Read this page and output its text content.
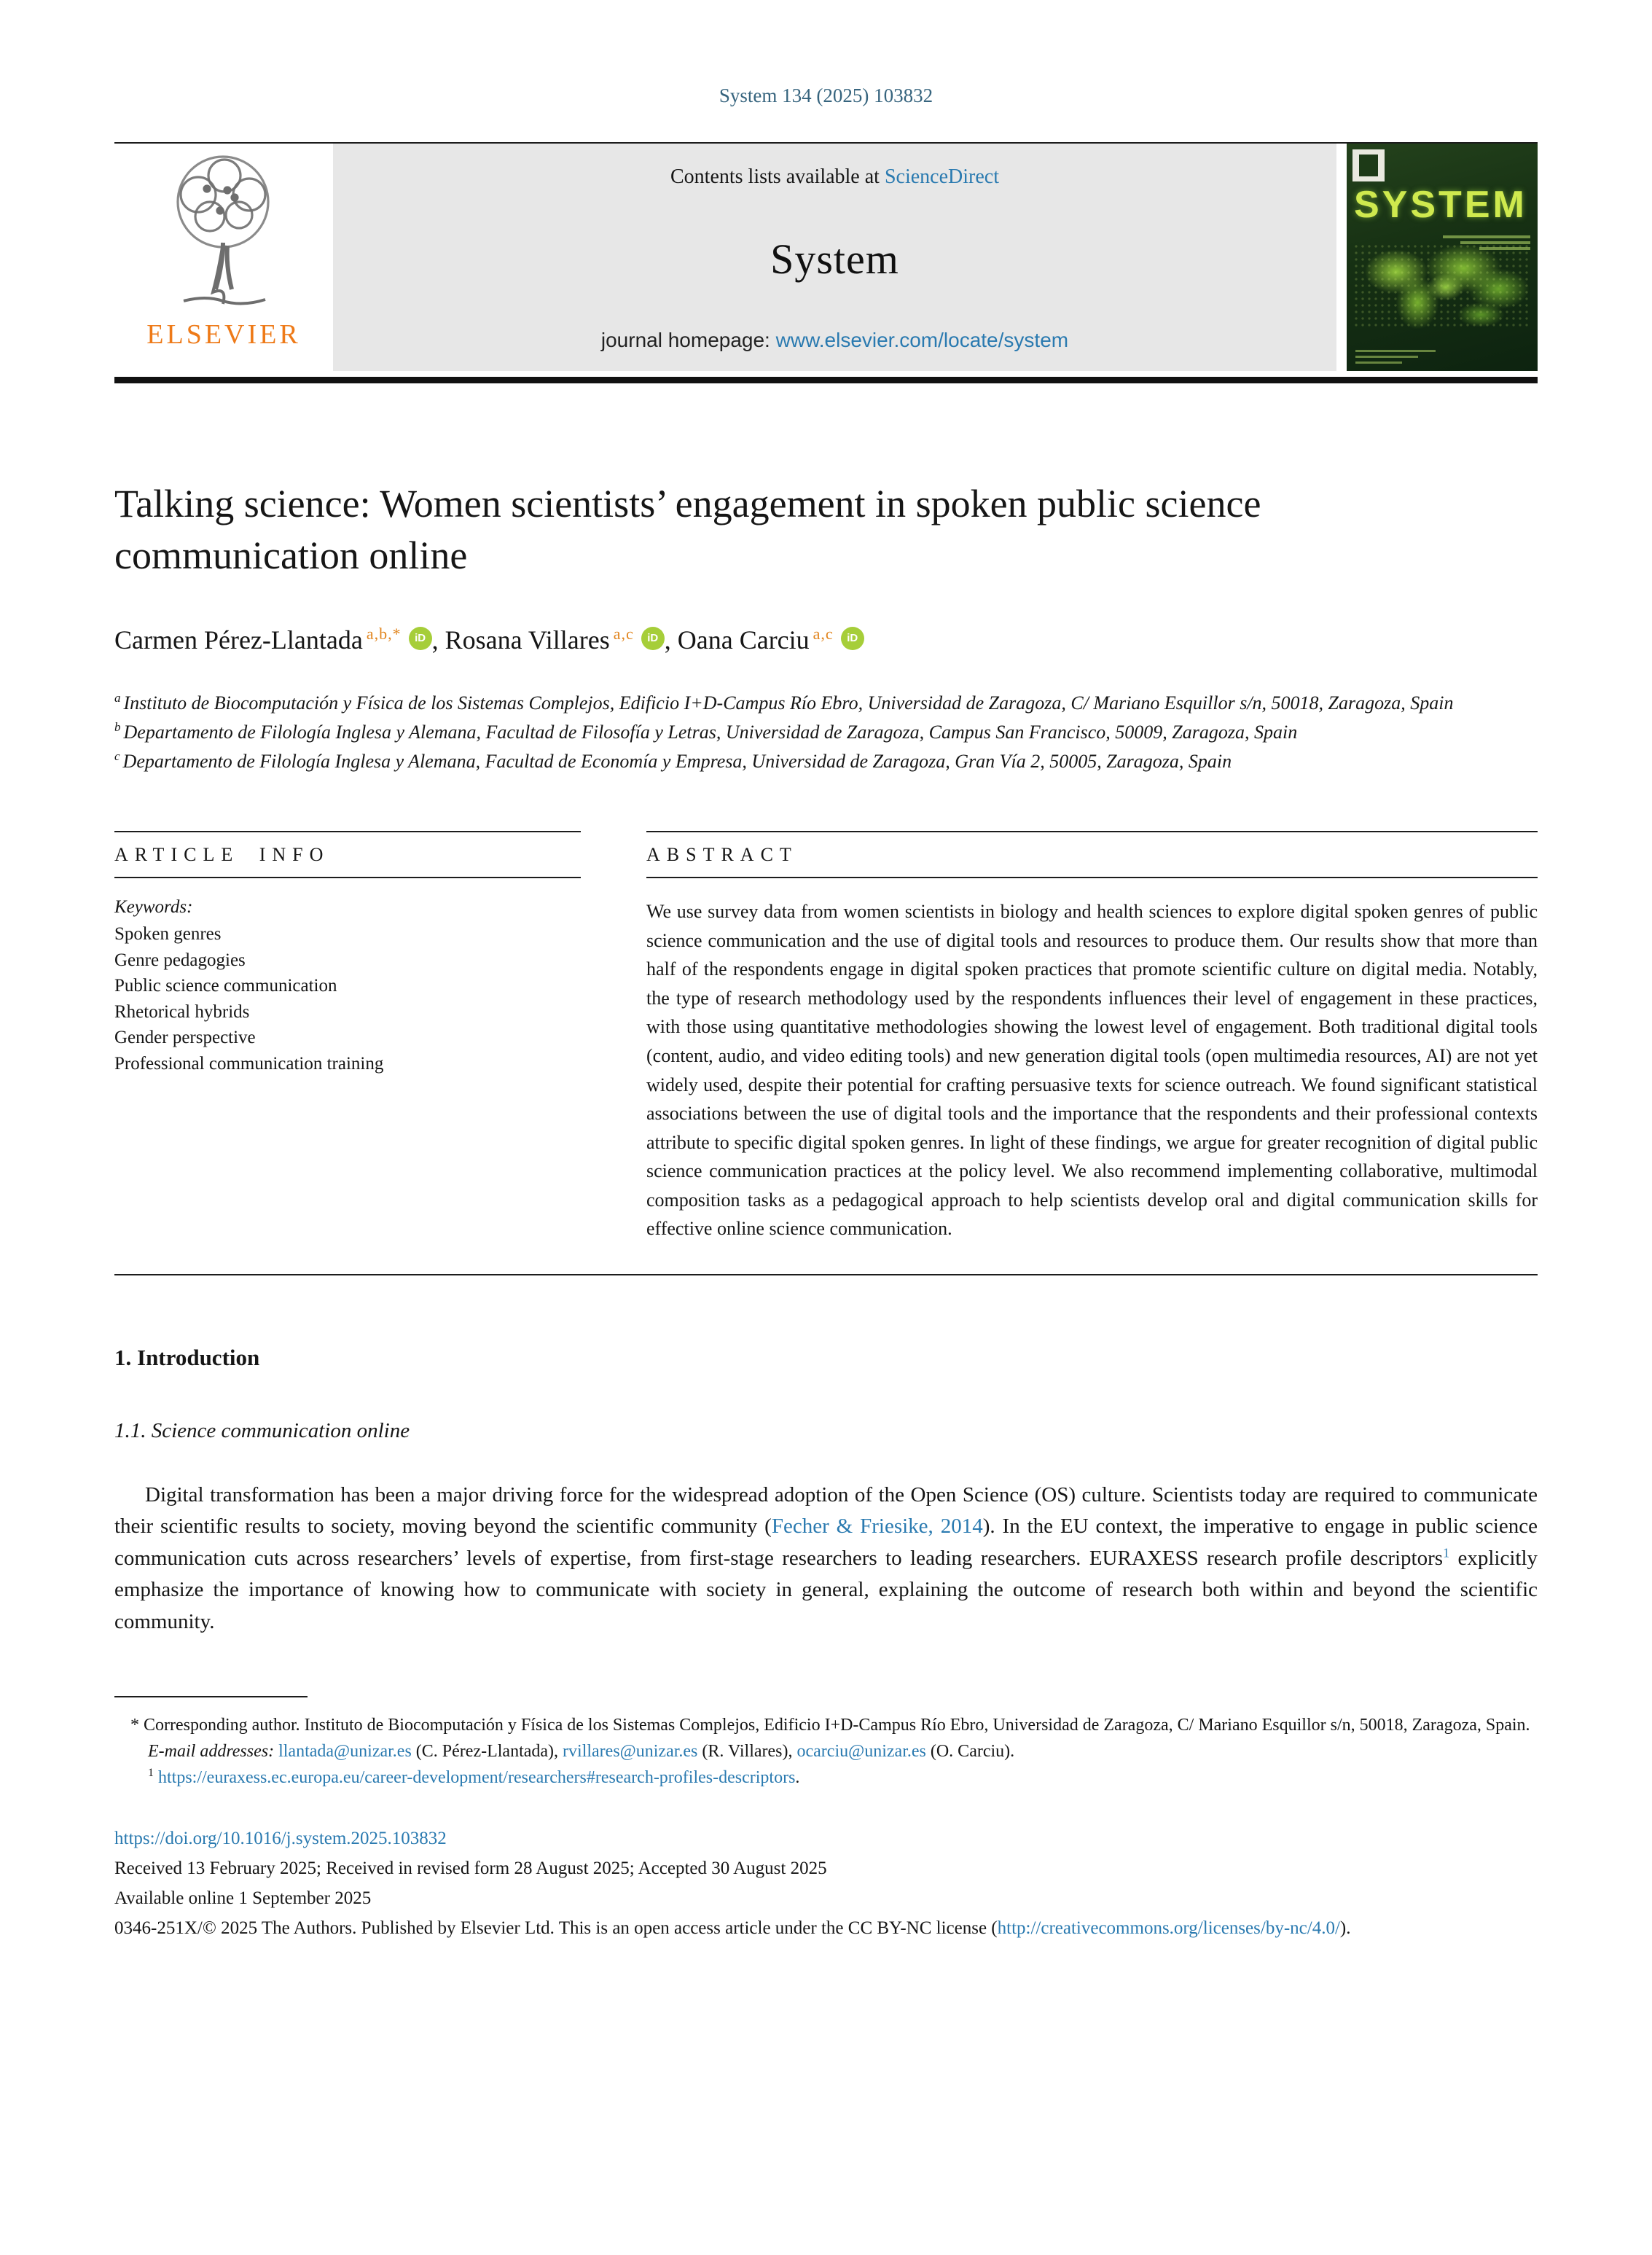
System 134 (2025) 103832
ELSEVIER
Contents lists available at ScienceDirect
System
journal homepage: www.elsevier.com/locate/system
SYSTEM
Talking science: Women scientists’ engagement in spoken public science communication online
Carmen Pérez-Llantada $^{a,b,*}$ iD , Rosana Villares $^{a,c}$ iD , Oana Carciu $^{a,c}$iD

$^a$ Instituto de Biocomputación y Física de los Sistemas Complejos, Edificio I+D-Campus Río Ebro, Universidad de Zaragoza, C/ Mariano Esquillor s/n, 50018, Zaragoza, Spain

$^b$ Departamento de Filología Inglesa y Alemana, Facultad de Filosofía y Letras, Universidad de Zaragoza, Campus San Francisco, 50009, Zaragoza, Spain

$^c$ Departamento de Filología Inglesa y Alemana, Facultad de Economía y Empresa, Universidad de Zaragoza, Gran Vía 2, 50005, Zaragoza, Spain

ARTICLE INFO
Keywords:
Spoken genres
Genre pedagogies
Public science communication
Rhetorical hybrids
Gender perspective
Professional communication training
ABSTRACT

We use survey data from women scientists in biology and health sciences to explore digital spoken genres of public science communication and the use of digital tools and resources to produce them. Our results show that more than half of the respondents engage in digital spoken practices that promote scientific culture on digital media. Notably, the type of research methodology used by the respondents influences their level of engagement in these practices, with those using quantitative methodologies showing the lowest level of engagement. Both traditional digital tools (content, audio, and video editing tools) and new generation digital tools (open multimedia resources, AI) are not yet widely used, despite their potential for crafting persuasive texts for science outreach. We found significant statistical associations between the use of digital tools and the importance that the respondents and their professional contexts attribute to specific digital spoken genres. In light of these findings, we argue for greater recognition of digital public science communication practices at the policy level. We also recommend implementing collaborative, multimodal composition tasks as a pedagogical approach to help scientists develop oral and digital communication skills for effective online science communication.

1. Introduction
1.1. Science communication online

Digital transformation has been a major driving force for the widespread adoption of the Open Science (OS) culture. Scientists today are required to communicate their scientific results to society, moving beyond the scientific community (Fecher & Friesike, 2014). In the EU context, the imperative to engage in public science communication cuts across researchers’ levels of expertise, from first-stage researchers to leading researchers. EURAXESS research profile descriptors$^1$ explicitly emphasize the importance of knowing how to communicate with society in general, explaining the outcome of research both within and beyond the scientific community.

* Corresponding author. Instituto de Biocomputación y Física de los Sistemas Complejos, Edificio I+D-Campus Río Ebro, Universidad de Zaragoza, C/ Mariano Esquillor s/n, 50018, Zaragoza, Spain.

E-mail addresses: llantada@unizar.es (C. Pérez-Llantada), rvillares@unizar.es (R. Villares), ocarciu@unizar.es (O. Carciu).

$^1$ https://euraxess.ec.europa.eu/career-development/researchers#research-profiles-descriptors.

https://doi.org/10.1016/j.system.2025.103832
Received 13 February 2025; Received in revised form 28 August 2025; Accepted 30 August 2025
Available online 1 September 2025

0346-251X/© 2025 The Authors. Published by Elsevier Ltd. This is an open access article under the CC BY-NC license (http://creativecommons.org/licenses/by-nc/4.0/).
